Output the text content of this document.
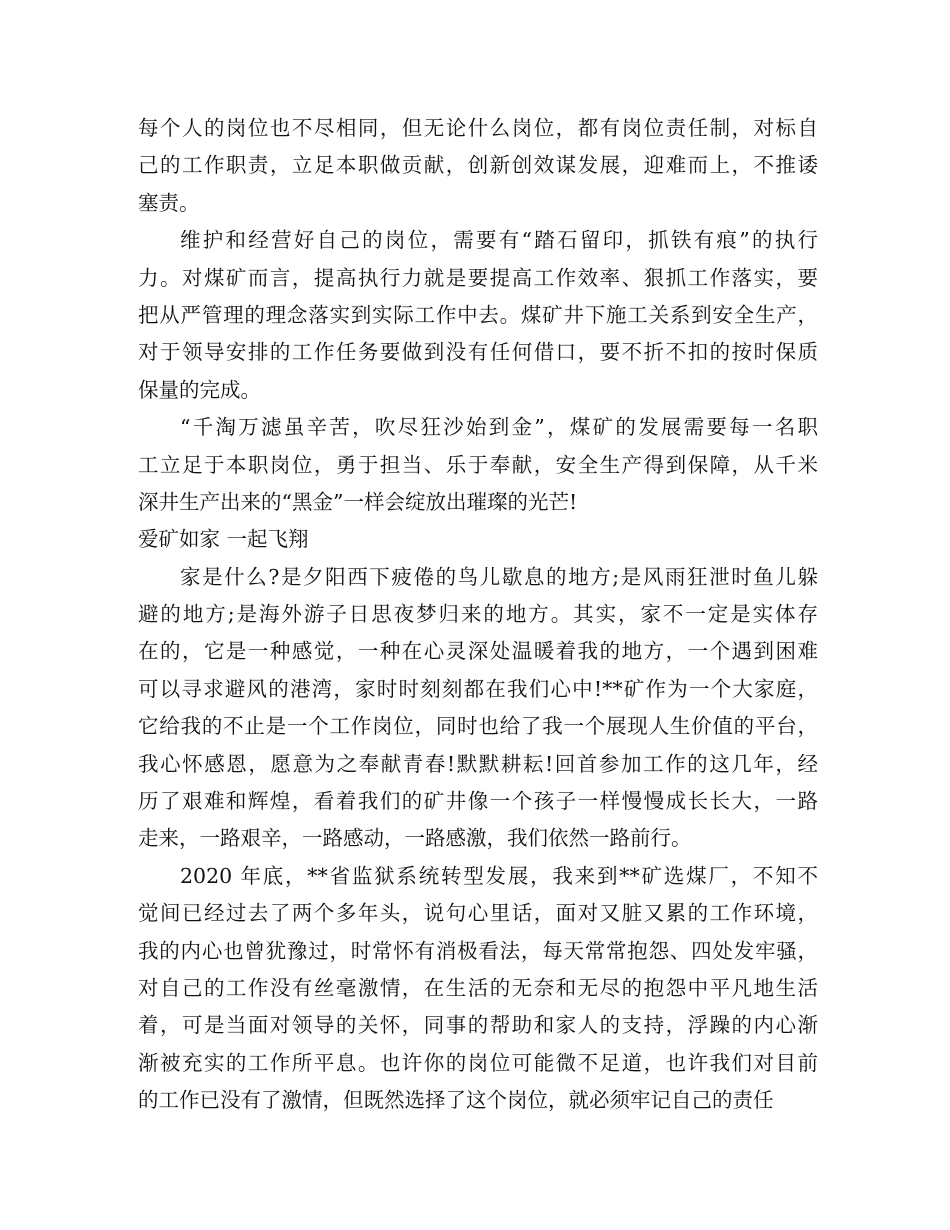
每个人的岗位也不尽相同，但无论什么岗位，都有岗位责任制，对标自
己的工作职责，立足本职做贡献，创新创效谋发展，迎难而上，不推诿
塞责。
维护和经营好自己的岗位，需要有“踏石留印，抓铁有痕”的执行
力。对煤矿而言，提高执行力就是要提高工作效率、狠抓工作落实，要
把从严管理的理念落实到实际工作中去。煤矿井下施工关系到安全生产，
对于领导安排的工作任务要做到没有任何借口，要不折不扣的按时保质
保量的完成。
“千淘万滤虽辛苦，吹尽狂沙始到金”，煤矿的发展需要每一名职
工立足于本职岗位，勇于担当、乐于奉献，安全生产得到保障，从千米
深井生产出来的“黑金”一样会绽放出璀璨的光芒!
爱矿如家 一起飞翔
家是什么?是夕阳西下疲倦的鸟儿歇息的地方;是风雨狂泄时鱼儿躲
避的地方;是海外游子日思夜梦归来的地方。其实，家不一定是实体存
在的，它是一种感觉，一种在心灵深处温暖着我的地方，一个遇到困难
可以寻求避风的港湾，家时时刻刻都在我们心中!**矿作为一个大家庭，
它给我的不止是一个工作岗位，同时也给了我一个展现人生价值的平台，
我心怀感恩，愿意为之奉献青春!默默耕耘!回首参加工作的这几年，经
历了艰难和辉煌，看着我们的矿井像一个孩子一样慢慢成长长大，一路
走来，一路艰辛，一路感动，一路感激，我们依然一路前行。
2020 年底，**省监狱系统转型发展，我来到**矿选煤厂，不知不
觉间已经过去了两个多年头，说句心里话，面对又脏又累的工作环境，
我的内心也曾犹豫过，时常怀有消极看法，每天常常抱怨、四处发牢骚，
对自己的工作没有丝毫激情，在生活的无奈和无尽的抱怨中平凡地生活
着，可是当面对领导的关怀，同事的帮助和家人的支持，浮躁的内心渐
渐被充实的工作所平息。也许你的岗位可能微不足道，也许我们对目前
的工作已没有了激情，但既然选择了这个岗位，就必须牢记自己的责任
